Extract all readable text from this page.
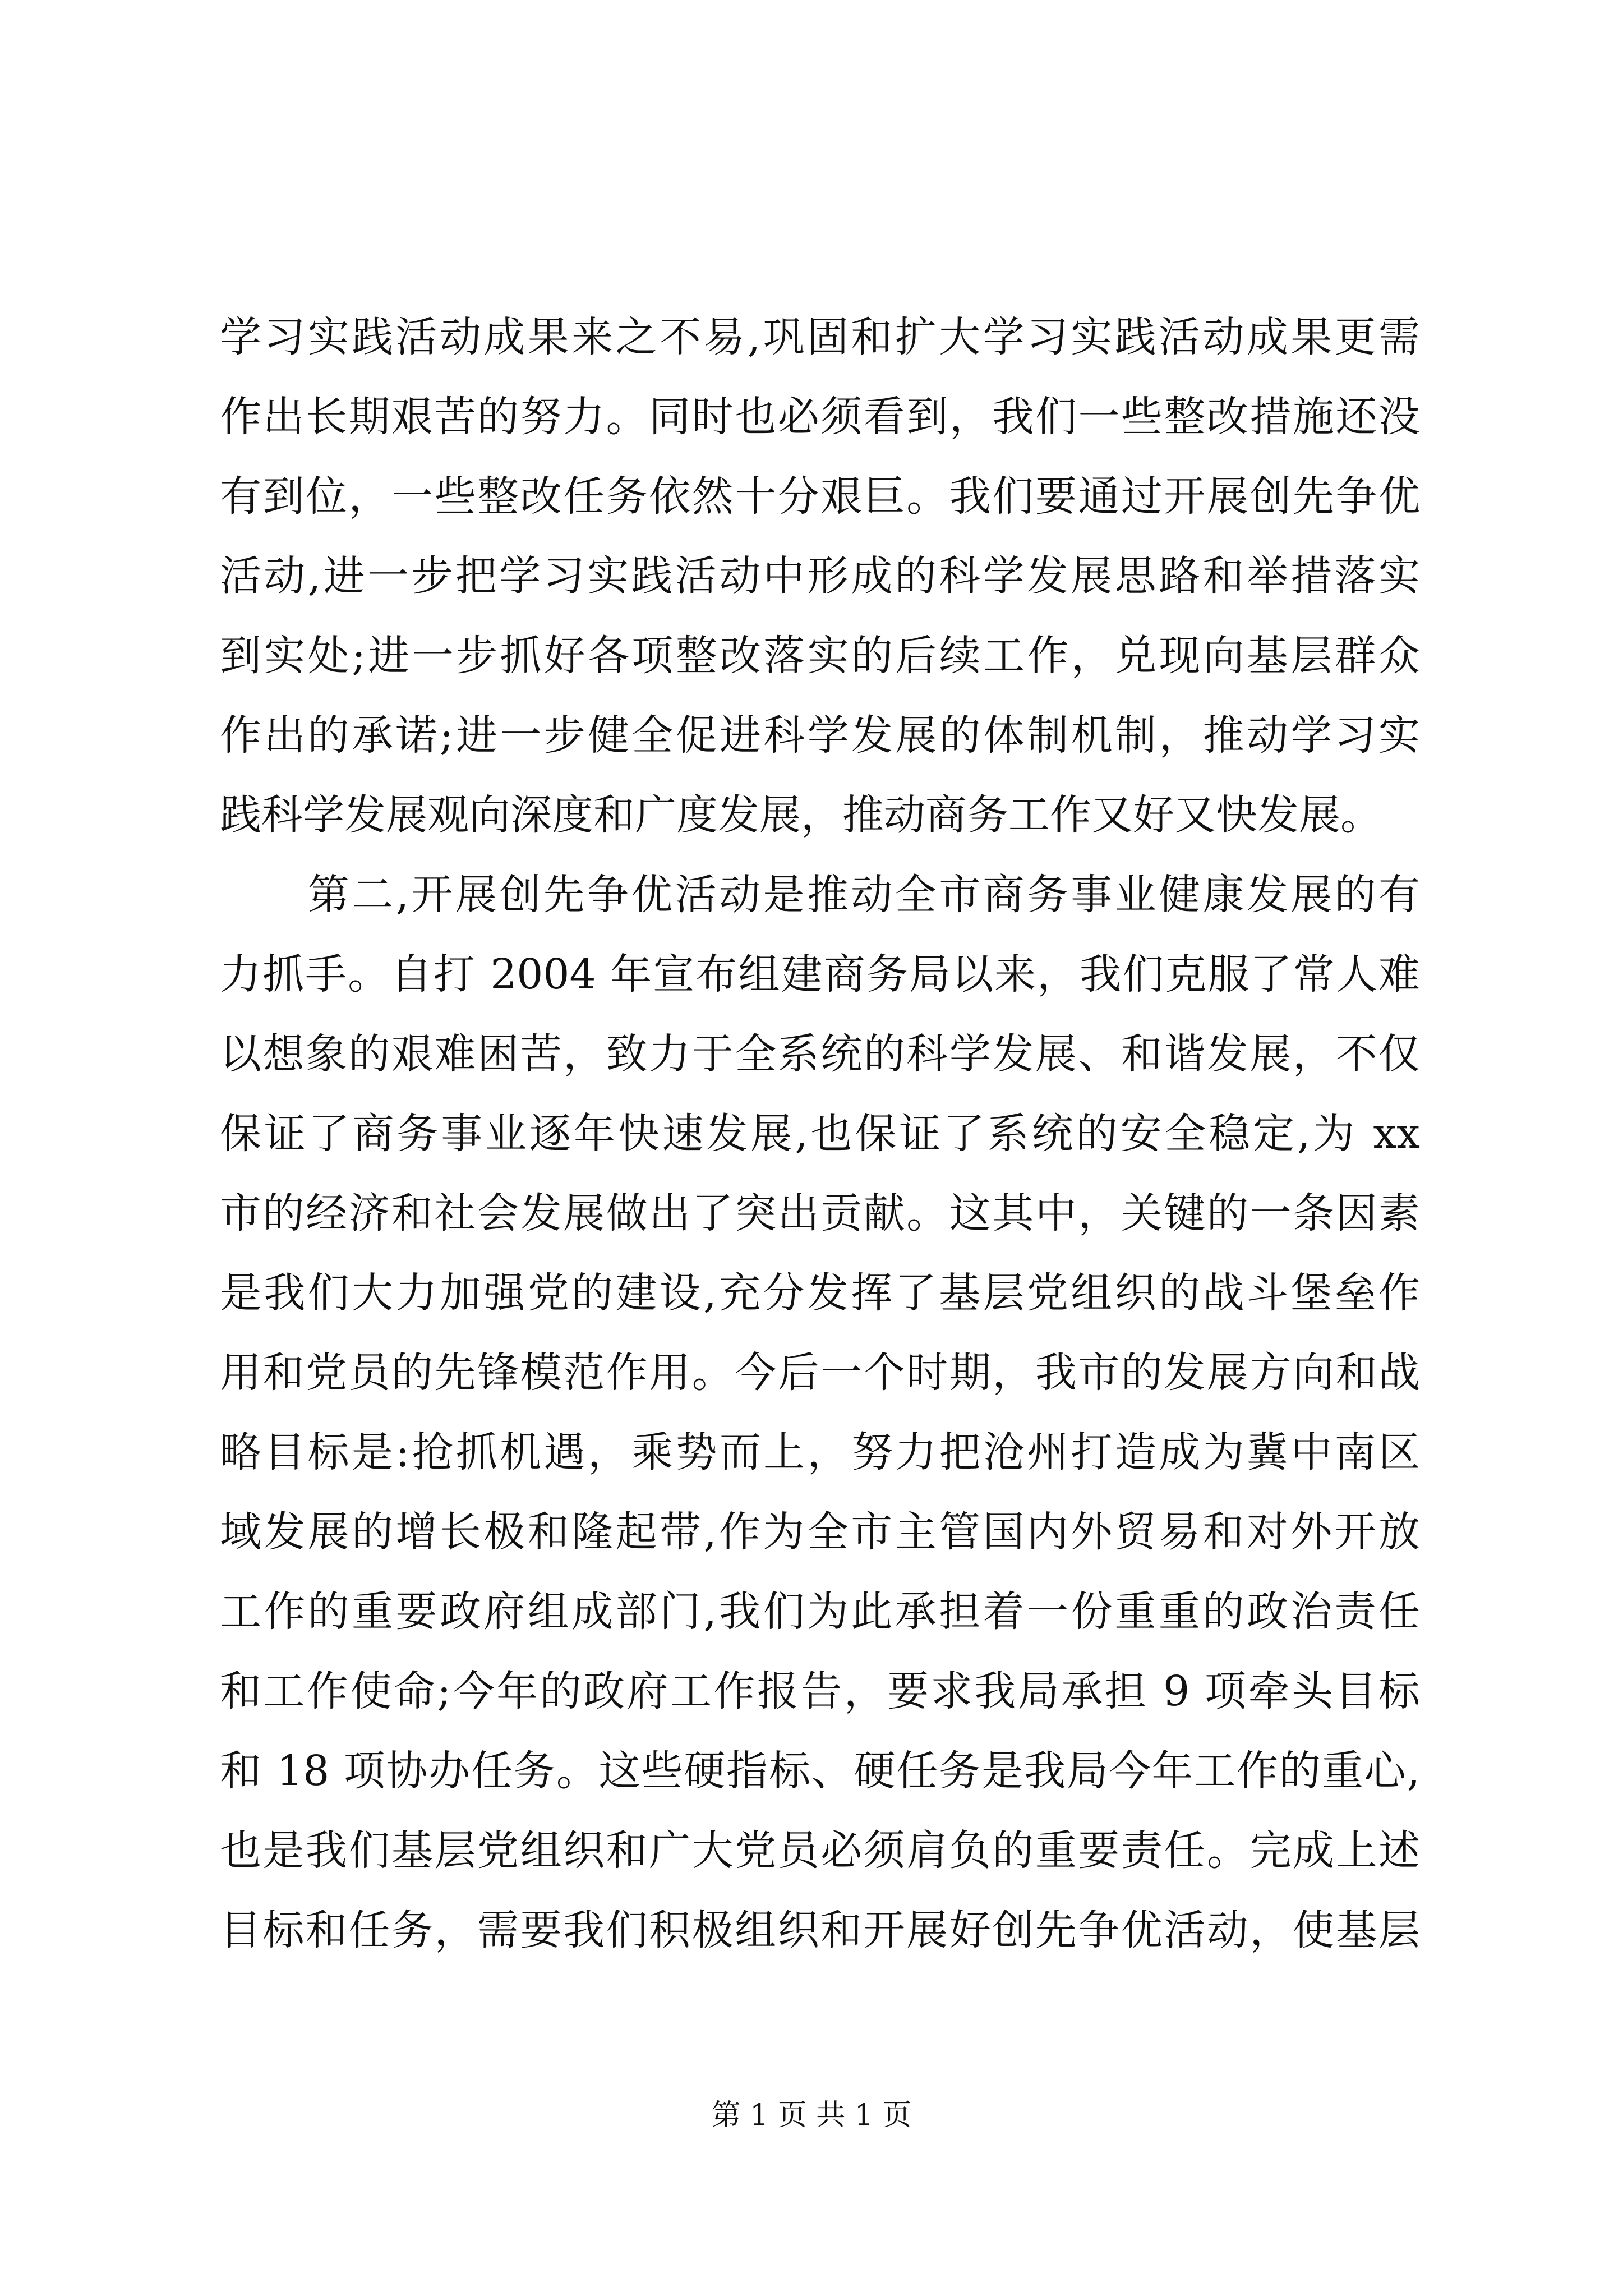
学习实践活动成果来之不易,巩固和扩大学习实践活动成果更需
作出长期艰苦的努力。同时也必须看到，我们一些整改措施还没
有到位，一些整改任务依然十分艰巨。我们要通过开展创先争优
活动,进一步把学习实践活动中形成的科学发展思路和举措落实
到实处;进一步抓好各项整改落实的后续工作，兑现向基层群众
作出的承诺;进一步健全促进科学发展的体制机制，推动学习实
践科学发展观向深度和广度发展，推动商务工作又好又快发展。
　　第二,开展创先争优活动是推动全市商务事业健康发展的有
力抓手。自打 2004 年宣布组建商务局以来，我们克服了常人难
以想象的艰难困苦，致力于全系统的科学发展、和谐发展，不仅
保证了商务事业逐年快速发展,也保证了系统的安全稳定,为 xx
市的经济和社会发展做出了突出贡献。这其中，关键的一条因素
是我们大力加强党的建设,充分发挥了基层党组织的战斗堡垒作
用和党员的先锋模范作用。今后一个时期，我市的发展方向和战
略目标是:抢抓机遇，乘势而上，努力把沧州打造成为冀中南区
域发展的增长极和隆起带,作为全市主管国内外贸易和对外开放
工作的重要政府组成部门,我们为此承担着一份重重的政治责任
和工作使命;今年的政府工作报告，要求我局承担 9 项牵头目标
和 18 项协办任务。这些硬指标、硬任务是我局今年工作的重心,
也是我们基层党组织和广大党员必须肩负的重要责任。完成上述
目标和任务，需要我们积极组织和开展好创先争优活动，使基层
第 1 页 共 1 页
